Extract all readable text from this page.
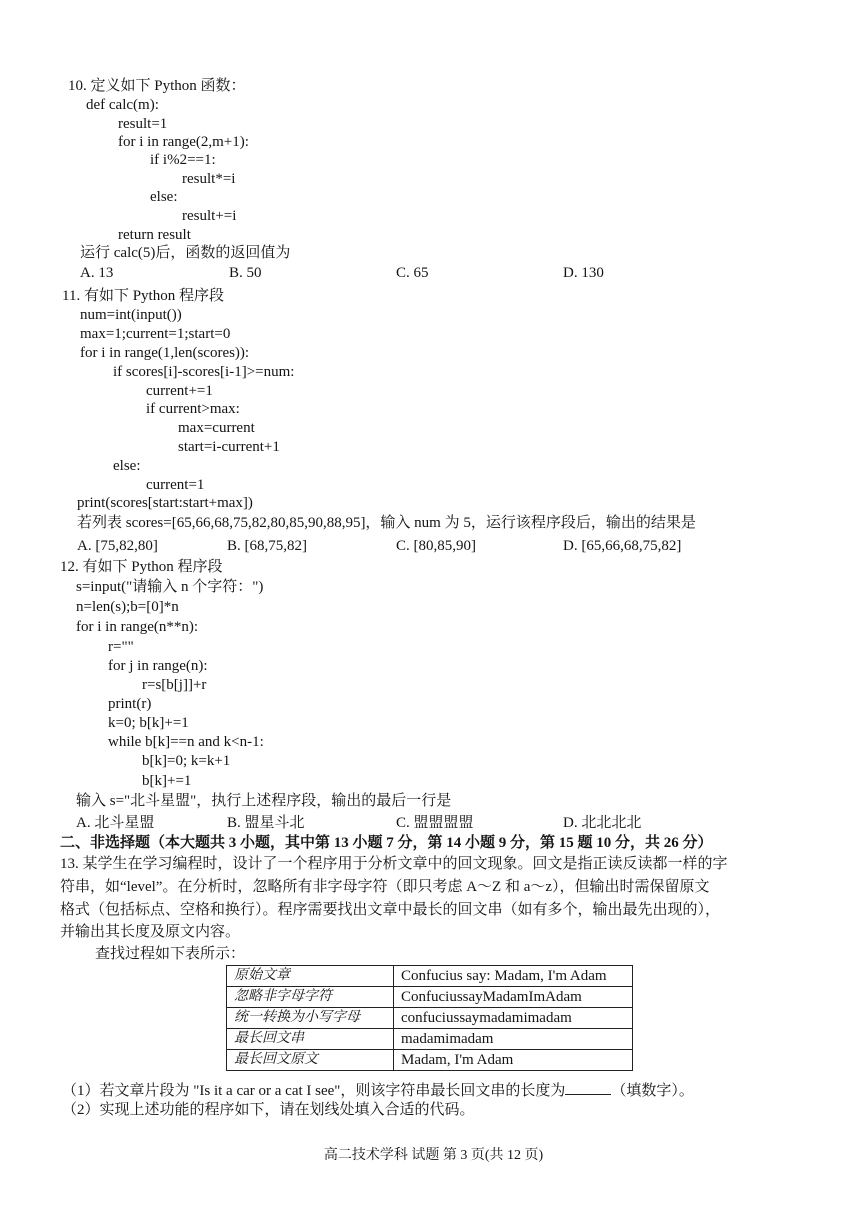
10. 定义如下 Python 函数：
def calc(m):
result=1
for i in range(2,m+1):
if i%2==1:
result*=i
else:
result+=i
return result
运行 calc(5)后，函数的返回值为
A. 13	B. 50	C. 65	D. 130
11. 有如下 Python 程序段
num=int(input())
max=1;current=1;start=0
for i in range(1,len(scores)):
if scores[i]-scores[i-1]>=num:
current+=1
if current>max:
max=current
start=i-current+1
else:
current=1
print(scores[start:start+max])
若列表 scores=[65,66,68,75,82,80,85,90,88,95]，输入 num 为 5，运行该程序段后，输出的结果是
A. [75,82,80]	B. [68,75,82]	C. [80,85,90]	D. [65,66,68,75,82]
12. 有如下 Python 程序段
s=input("请输入 n 个字符：")
n=len(s);b=[0]*n
for i in range(n**n):
r=""
for j in range(n):
r=s[b[j]]+r
print(r)
k=0; b[k]+=1
while b[k]==n and k<n-1:
b[k]=0; k=k+1
b[k]+=1
输入 s="北斗星盟"，执行上述程序段，输出的最后一行是
A. 北斗星盟	B. 盟星斗北	C. 盟盟盟盟	D. 北北北北
二、非选择题（本大题共 3 小题，其中第 13 小题 7 分，第 14 小题 9 分，第 15 题 10 分，共 26 分）
13. 某学生在学习编程时，设计了一个程序用于分析文章中的回文现象。回文是指正读反读都一样的字
符串，如“level”。在分析时，忽略所有非字母字符（即只考虑 A～Z 和 a～z），但输出时需保留原文
格式（包括标点、空格和换行）。程序需要找出文章中最长的回文串（如有多个，输出最先出现的），
并输出其长度及原文内容。
查找过程如下表所示：
原始文章	Confucius say: Madam, I'm Adam
忽略非字母字符	ConfuciussayMadamImAdam
统一转换为小写字母	confuciussaymadamimadam
最长回文串	madamimadam
最长回文原文	Madam, I'm Adam
（1）若文章片段为 "Is it a car or a cat I see"，则该字符串最长回文串的长度为	（填数字）。
（2）实现上述功能的程序如下，请在划线处填入合适的代码。
高二技术学科 试题 第 3 页(共 12 页)
